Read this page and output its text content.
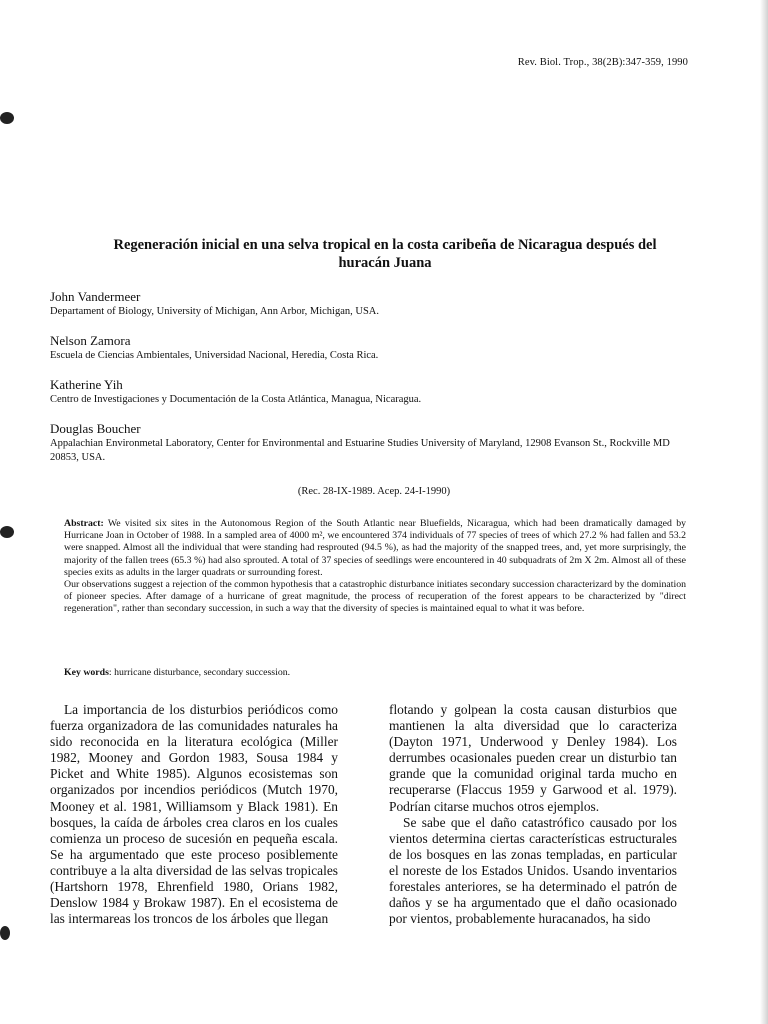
Rev. Biol. Trop., 38(2B):347-359, 1990
Regeneración inicial en una selva tropical en la costa caribeña de Nicaragua después del huracán Juana
John Vandermeer
Departament of Biology, University of Michigan, Ann Arbor, Michigan, USA.
Nelson Zamora
Escuela de Ciencias Ambientales, Universidad Nacional, Heredia, Costa Rica.
Katherine Yih
Centro de Investigaciones y Documentación de la Costa Atlántica, Managua, Nicaragua.
Douglas Boucher
Appalachian Environmetal Laboratory, Center for Environmental and Estuarine Studies University of Maryland, 12908 Evanson St., Rockville MD 20853, USA.
(Rec. 28-IX-1989. Acep. 24-I-1990)

Abstract: We visited six sites in the Autonomous Region of the South Atlantic near Bluefields, Nicaragua, which had been dramatically damaged by Hurricane Joan in October of 1988. In a sampled area of 4000 m², we encountered 374 individuals of 77 species of trees of which 27.2 % had fallen and 53.2 were snapped. Almost all the individual that were standing had resprouted (94.5 %), as had the majority of the snapped trees, and, yet more surprisingly, the majority of the fallen trees (65.3 %) had also sprouted. A total of 37 species of seedlings were encountered in 40 subquadrats of 2m X 2m. Almost all of these species exits as adults in the larger quadrats or surrounding forest.

Our observations suggest a rejection of the common hypothesis that a catastrophic disturbance initiates secondary succession characterizard by the domination of pioneer species. After damage of a hurricane of great magnitude, the process of recuperation of the forest appears to be characterized by "direct regeneration", rather than secondary succession, in such a way that the diversity of species is maintained equal to what it was before.

Key words: hurricane disturbance, secondary succession.

La importancia de los disturbios periódicos como fuerza organizadora de las comunidades naturales ha sido reconocida en la literatura ecológica (Miller 1982, Mooney and Gordon 1983, Sousa 1984 y Picket and White 1985). Algunos ecosistemas son organizados por incendios periódicos (Mutch 1970, Mooney et al. 1981, Williamsom y Black 1981). En bosques, la caída de árboles crea claros en los cuales comienza un proceso de sucesión en pequeña escala. Se ha argumentado que este proceso posiblemente contribuye a la alta diversidad de las selvas tropicales (Hartshorn 1978, Ehrenfield 1980, Orians 1982, Denslow 1984 y Brokaw 1987). En el ecosistema de las intermareas los troncos de los árboles que llegan

flotando y golpean la costa causan disturbios que mantienen la alta diversidad que lo caracteriza (Dayton 1971, Underwood y Denley 1984). Los derrumbes ocasionales pueden crear un disturbio tan grande que la comunidad original tarda mucho en recuperarse (Flaccus 1959 y Garwood et al. 1979). Podrían citarse muchos otros ejemplos.

Se sabe que el daño catastrófico causado por los vientos determina ciertas características estructurales de los bosques en las zonas templadas, en particular el noreste de los Estados Unidos. Usando inventarios forestales anteriores, se ha determinado el patrón de daños y se ha argumentado que el daño ocasionado por vientos, probablemente huracanados, ha sido
